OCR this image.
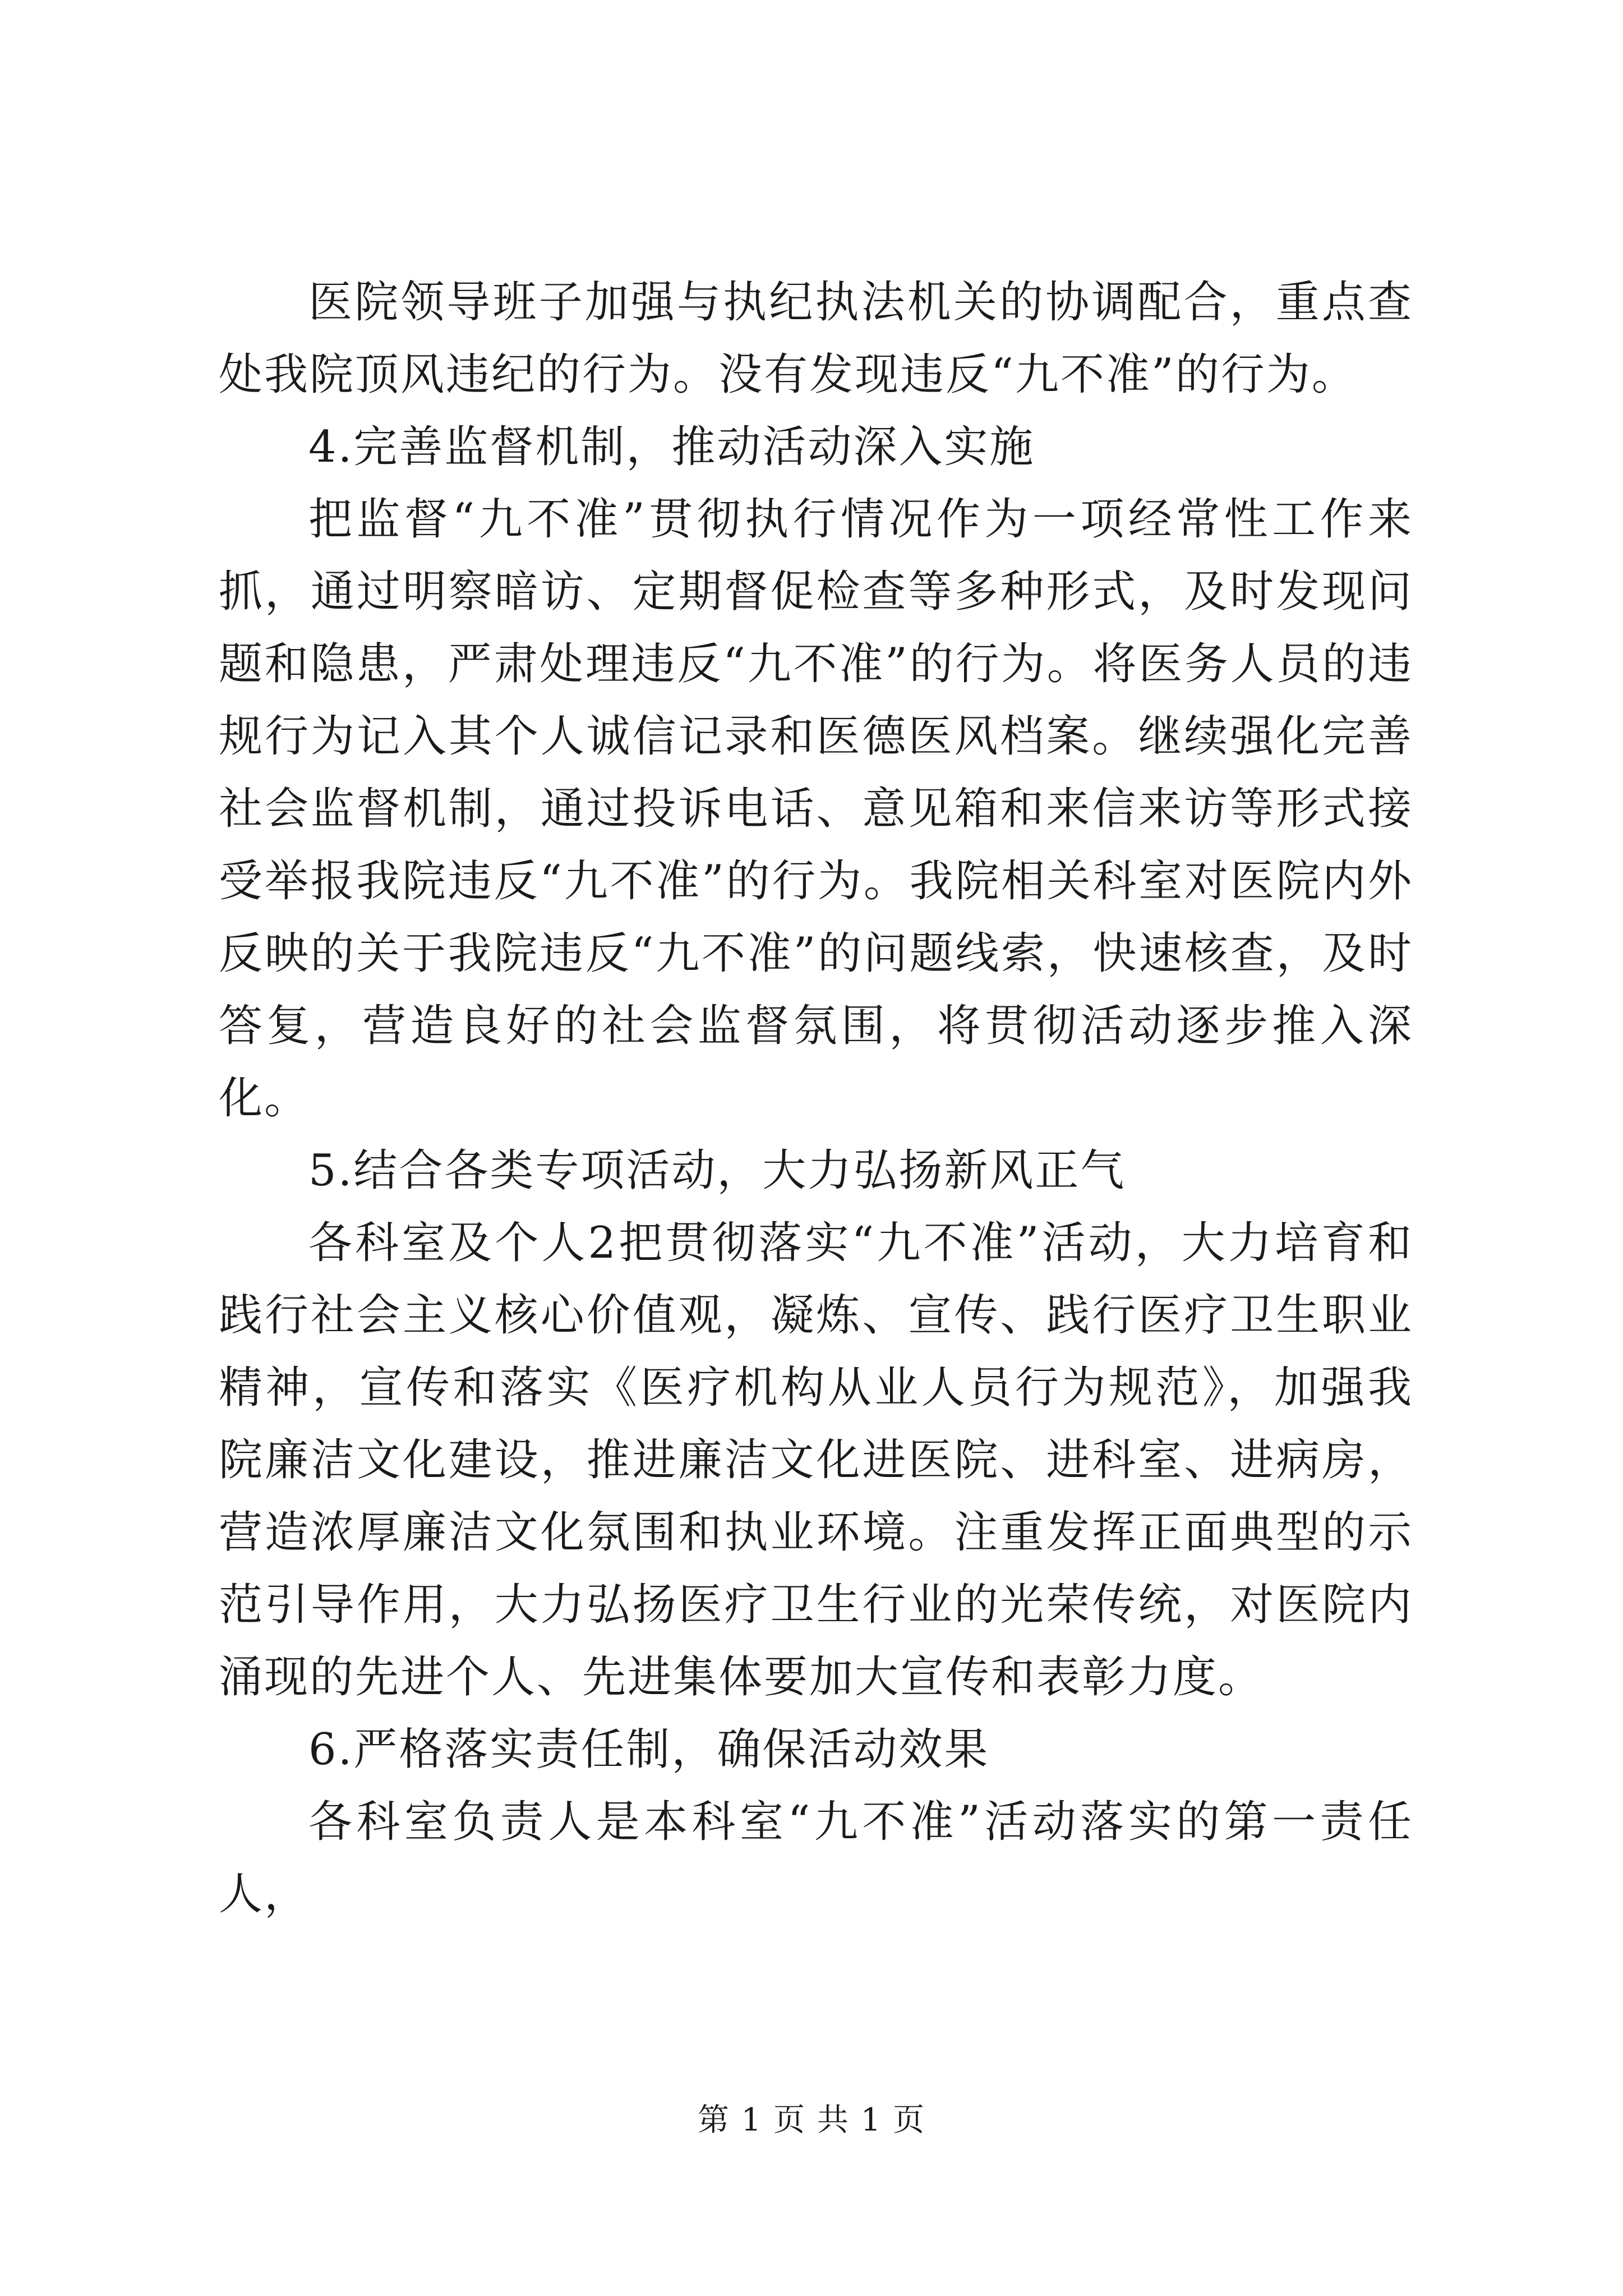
医院领导班子加强与执纪执法机关的协调配合，重点查处我院顶风违纪的行为。没有发现违反“九不准”的行为。

4.完善监督机制，推动活动深入实施

把监督“九不准”贯彻执行情况作为一项经常性工作来抓，通过明察暗访、定期督促检查等多种形式，及时发现问题和隐患，严肃处理违反“九不准”的行为。将医务人员的违规行为记入其个人诚信记录和医德医风档案。继续强化完善社会监督机制，通过投诉电话、意见箱和来信来访等形式接受举报我院违反“九不准”的行为。我院相关科室对医院内外反映的关于我院违反“九不准”的问题线索，快速核查，及时答复，营造良好的社会监督氛围，将贯彻活动逐步推入深化。

5.结合各类专项活动，大力弘扬新风正气

各科室及个人2把贯彻落实“九不准”活动，大力培育和践行社会主义核心价值观，凝炼、宣传、践行医疗卫生职业精神，宣传和落实《医疗机构从业人员行为规范》，加强我院廉洁文化建设，推进廉洁文化进医院、进科室、进病房，营造浓厚廉洁文化氛围和执业环境。注重发挥正面典型的示范引导作用，大力弘扬医疗卫生行业的光荣传统，对医院内涌现的先进个人、先进集体要加大宣传和表彰力度。

6.严格落实责任制，确保活动效果

各科室负责人是本科室“九不准”活动落实的第一责任人，

第 1 页 共 1 页
